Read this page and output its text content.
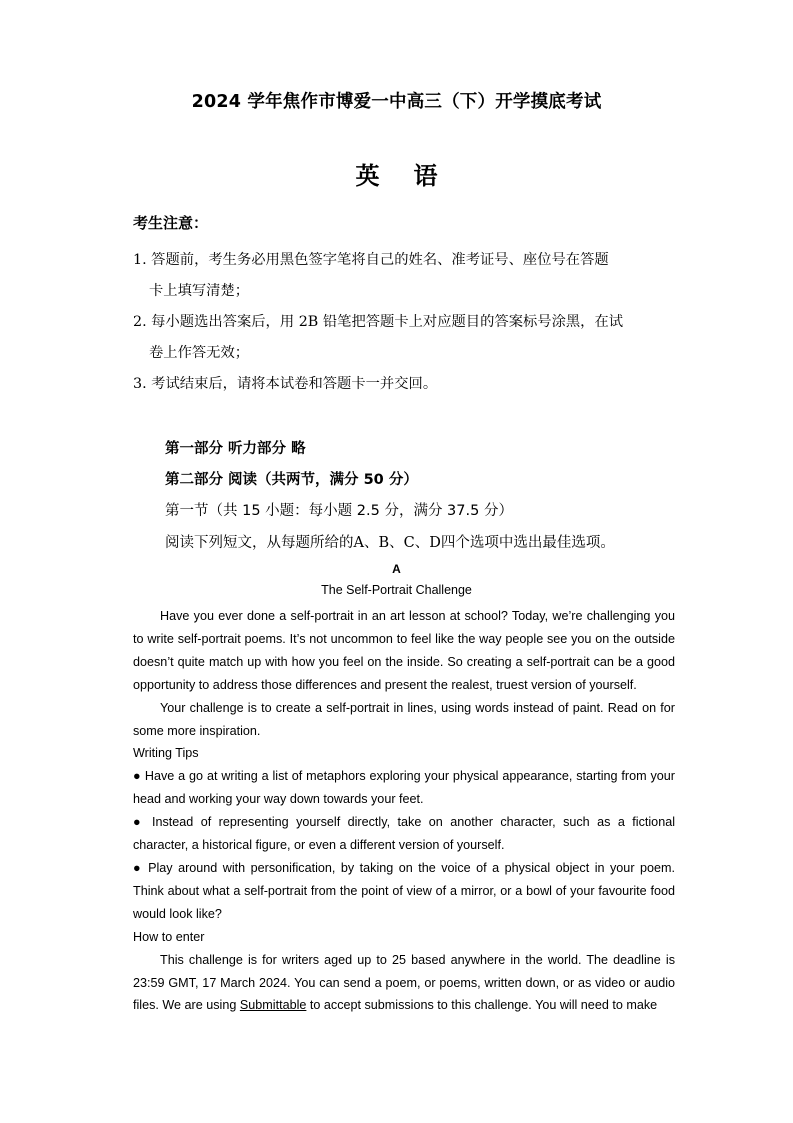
2024 学年焦作市博爱一中高三（下）开学摸底考试
英语
考生注意：

1. 答题前，考生务必用黑色签字笔将自己的姓名、准考证号、座位号在答题

卡上填写清楚；

2. 每小题选出答案后，用 2B 铅笔把答题卡上对应题目的答案标号涂黑，在试

卷上作答无效；

3. 考试结束后，请将本试卷和答题卡一并交回。

第一部分 听力部分 略
第二部分 阅读（共两节，满分 50 分）
第一节（共 15 小题：每小题 2.5 分，满分 37.5 分）
阅读下列短文，从每题所给的A、B、C、D四个选项中选出最佳选项。
A
The Self-Portrait Challenge

Have you ever done a self-portrait in an art lesson at school? Today, we’re challenging you to write self-portrait poems. It’s not uncommon to feel like the way people see you on the outside doesn’t quite match up with how you feel on the inside. So creating a self-portrait can be a good opportunity to address those differences and present the realest, truest version of yourself.

Your challenge is to create a self-portrait in lines, using words instead of paint. Read on for some more inspiration.

Writing Tips

● Have a go at writing a list of metaphors exploring your physical appearance, starting from your head and working your way down towards your feet.

● Instead of representing yourself directly, take on another character, such as a fictional character, a historical figure, or even a different version of yourself.

● Play around with personification, by taking on the voice of a physical object in your poem. Think about what a self-portrait from the point of view of a mirror, or a bowl of your favourite food would look like?

How to enter

This challenge is for writers aged up to 25 based anywhere in the world. The deadline is 23:59 GMT, 17 March 2024. You can send a poem, or poems, written down, or as video or audio files. We are using Submittable to accept submissions to this challenge. You will need to make
